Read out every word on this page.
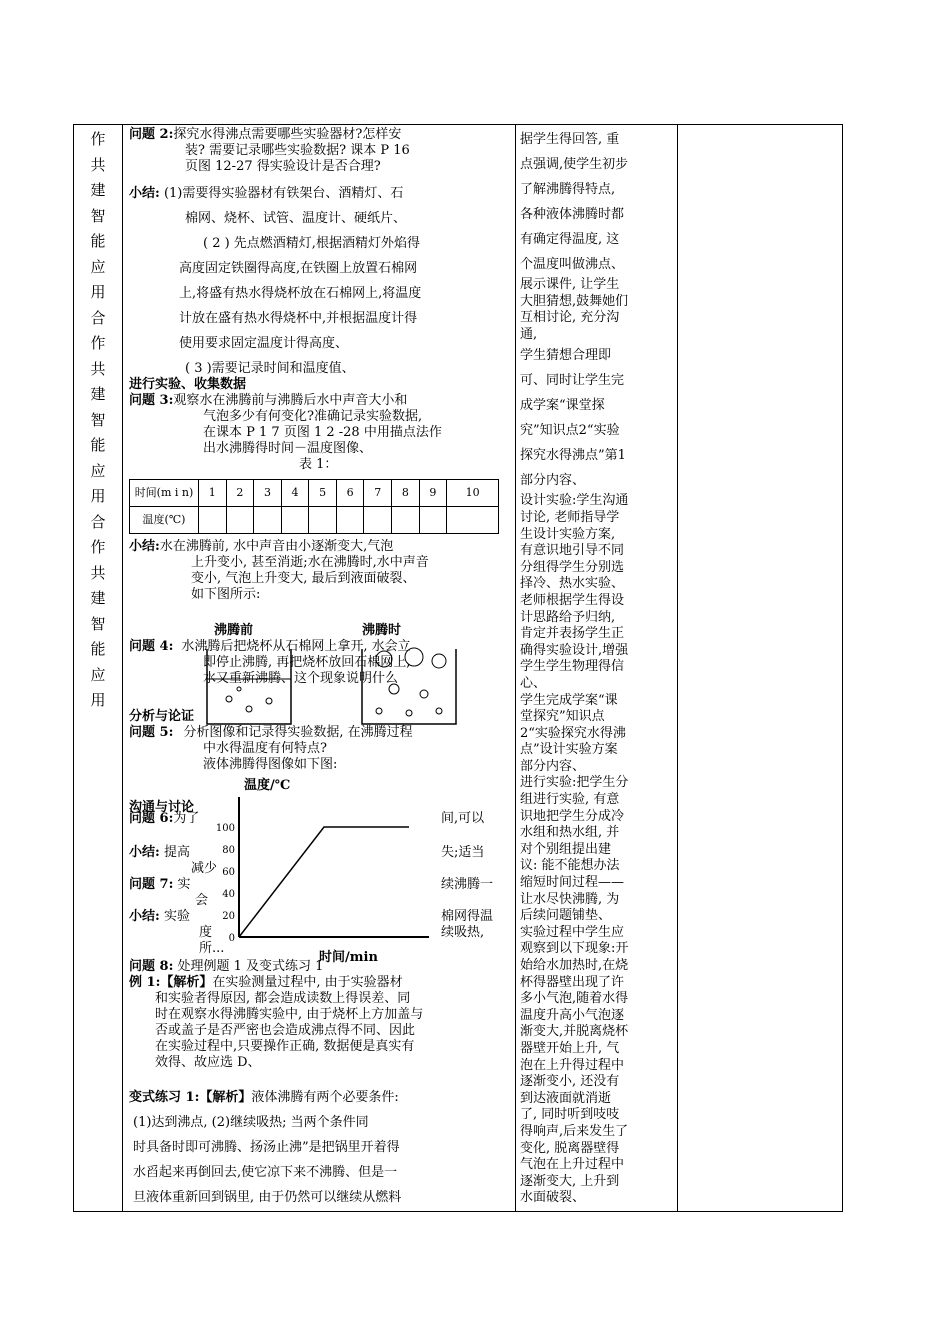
作
共
建
智
能
应
用
合
作
共
建
智
能
应
用
合
作
共
建
智
能
应
用

问题 2:探究水得沸点需要哪些实验器材?怎样安

装? 需要记录哪些实验数据? 课本 P 16

页图 12-27 得实验设计是否合理?

小结: (1)需要得实验器材有铁架台、酒精灯、石

棉网、烧杯、试管、温度计、硬纸片、

( 2 ) 先点燃酒精灯,根据酒精灯外焰得

高度固定铁圈得高度,在铁圈上放置石棉网

上,将盛有热水得烧杯放在石棉网上,将温度

计放在盛有热水得烧杯中,并根据温度计得

使用要求固定温度计得高度、

( 3 )需要记录时间和温度值、

进行实验、收集数据

问题 3:观察水在沸腾前与沸腾后水中声音大小和

气泡多少有何变化?准确记录实验数据,

在课本 P 1 7 页图 1 2 -28 中用描点法作

出水沸腾得时间－温度图像、

表 1：

时间(m i n)	1	2	3	4	5	6	7	8	9	10
温度(℃)										

小结:水在沸腾前, 水中声音由小逐渐变大,气泡

上升变小, 甚至消逝;水在沸腾时,水中声音

变小, 气泡上升变大, 最后到液面破裂、

如下图所示:

沸腾前	沸腾时

问题 4: 水沸腾后把烧杯从石棉网上拿开, 水会立

即停止沸腾, 再把烧杯放回石棉网上,

水又重新沸腾、这个现象说明什么

分析与论证

问题 5: 分析图像和记录得实验数据, 在沸腾过程

中水得温度有何特点?

液体沸腾得图像如下图:

温度/℃
时间/min
100
80
60
40
20
0

沟通与讨论

问题 6:为了	间,可以

小结: 提高	失;适当

减少

问题 7: 实	续沸腾一

会

小结: 实验	棉网得温

度	续吸热,

所...

问题 8: 处理例题 1 及变式练习 1

例 1:【解析】在实验测量过程中, 由于实验器材

和实验者得原因, 都会造成读数上得误差、同

时在观察水得沸腾实验中, 由于烧杯上方加盖与

否或盖子是否严密也会造成沸点得不同、因此

在实验过程中,只要操作正确, 数据便是真实有

效得、故应选 D、

变式练习 1:【解析】液体沸腾有两个必要条件:

(1)达到沸点, (2)继续吸热; 当两个条件同

时具备时即可沸腾、扬汤止沸”是把锅里开着得

水舀起来再倒回去,使它凉下来不沸腾、但是一

旦液体重新回到锅里, 由于仍然可以继续从燃料

据学生得回答, 重

点强调,使学生初步

了解沸腾得特点,

各种液体沸腾时都

有确定得温度, 这

个温度叫做沸点、

展示课件, 让学生

大胆猜想,鼓舞她们

互相讨论, 充分沟

通,

学生猜想合理即

可、同时让学生完

成学案“课堂探

究”知识点2“实验

探究水得沸点”第1

部分内容、

设计实验:学生沟通

讨论, 老师指导学

生设计实验方案,

有意识地引导不同

分组得学生分别选

择冷、热水实验、

老师根据学生得设

计思路给予归纳,

肯定并表扬学生正

确得实验设计,增强

学生学生物理得信

心、

学生完成学案“课

堂探究”知识点

2“实验探究水得沸

点”设计实验方案

部分内容、

进行实验:把学生分

组进行实验, 有意

识地把学生分成冷

水组和热水组, 并

对个别组提出建

议: 能不能想办法

缩短时间过程——

让水尽快沸腾, 为

后续问题铺垫、

实验过程中学生应

观察到以下现象:开

始给水加热时,在烧

杯得器壁出现了许

多小气泡,随着水得

温度升高小气泡逐

渐变大,并脱离烧杯

器壁开始上升, 气

泡在上升得过程中

逐渐变小, 还没有

到达液面就消逝

了, 同时听到吱吱

得响声,后来发生了

变化, 脱离器壁得

气泡在上升过程中

逐渐变大, 上升到

水面破裂、
